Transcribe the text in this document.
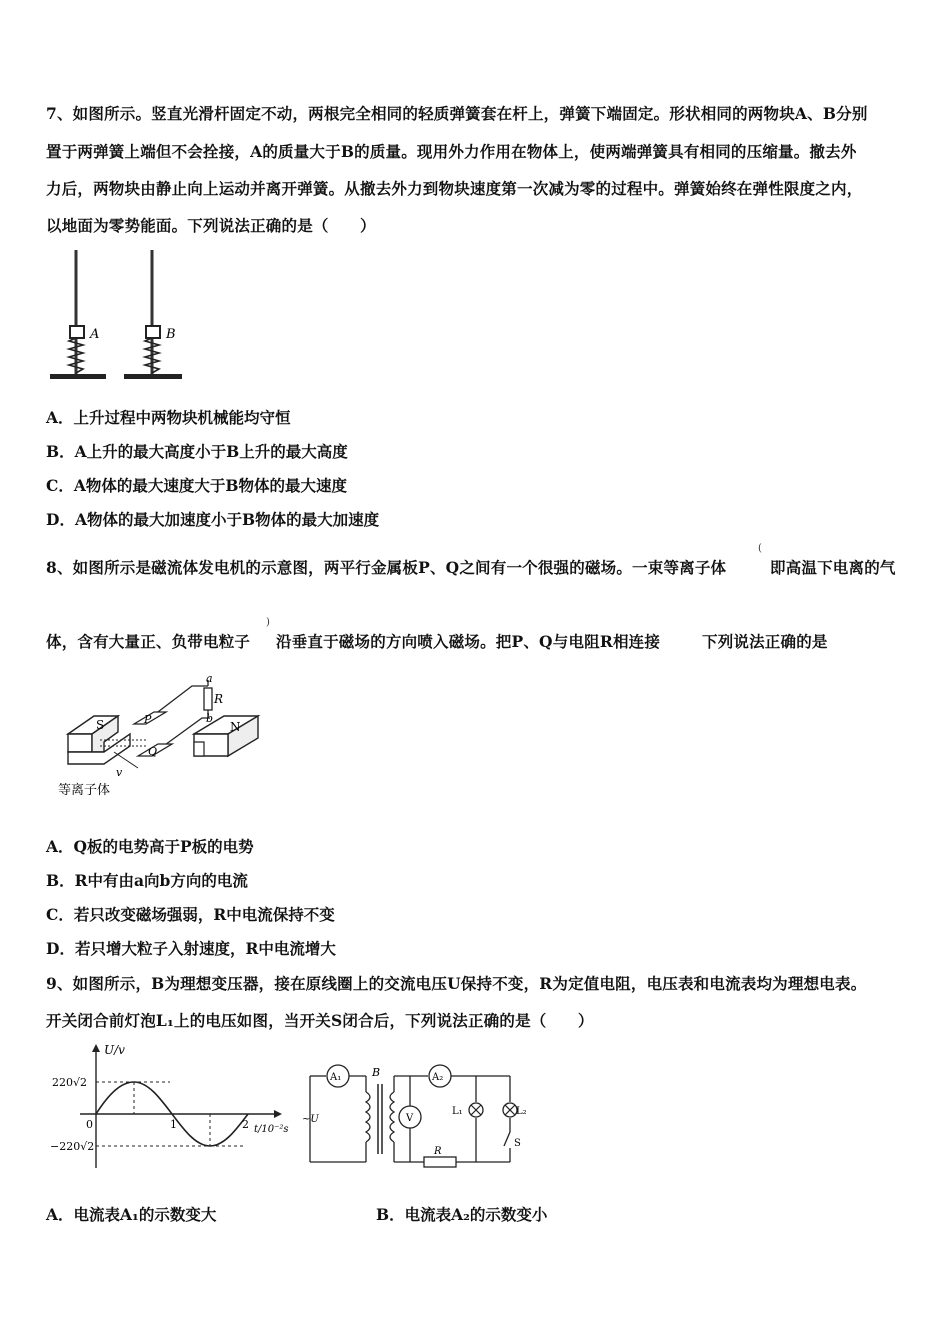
7、如图所示。竖直光滑杆固定不动，两根完全相同的轻质弹簧套在杆上，弹簧下端固定。形状相同的两物块A、B分别
置于两弹簧上端但不会拴接，A的质量大于B的质量。现用外力作用在物体上，使两端弹簧具有相同的压缩量。撤去外
力后，两物块由静止向上运动并离开弹簧。从撤去外力到物块速度第一次减为零的过程中。弹簧始终在弹性限度之内，
以地面为零势能面。下列说法正确的是（　　）
A	B
A．上升过程中两物块机械能均守恒
B．A上升的最大高度小于B上升的最大高度
C．A物体的最大速度大于B物体的最大速度
D．A物体的最大加速度小于B物体的最大加速度
8、如图所示是磁流体发电机的示意图，两平行金属板P、Q之间有一个很强的磁场。一束等离子体
(
即高温下电离的气
体，含有大量正、负带电粒子
)
沿垂直于磁场的方向喷入磁场。把P、Q与电阻R相连接	下列说法正确的是
a
R
b
S	P
Q
v
N
等离子体
A．Q板的电势高于P板的电势
B．R中有由a向b方向的电流
C．若只改变磁场强弱，R中电流保持不变
D．若只增大粒子入射速度，R中电流增大
9、如图所示，B为理想变压器，接在原线圈上的交流电压U保持不变，R为定值电阻，电压表和电流表均为理想电表。
开关闭合前灯泡L₁上的电压如图，当开关S闭合后，下列说法正确的是（　　）
U/v
220√2
−220√2
0	1	2 t/10⁻²s
A₁
~U
B	A₂
V
L₁	L₂
S
R
A．电流表A₁的示数变大	B．电流表A₂的示数变小
